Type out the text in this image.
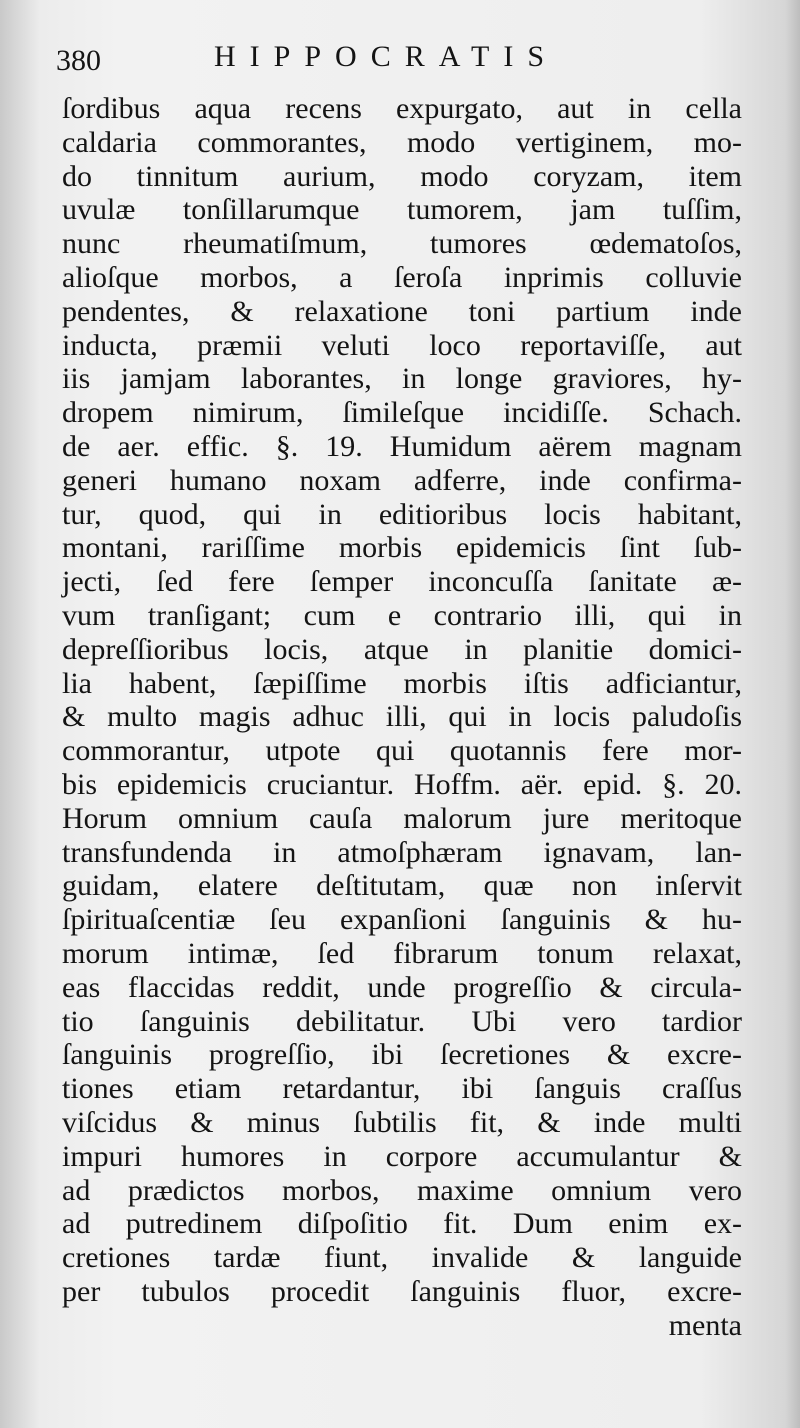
380	HIPPOCRATIS
ſordibus aqua recens expurgato, aut in cella
caldaria commorantes, modo vertiginem, mo-
do tinnitum aurium, modo coryzam, item
uvulæ tonſillarumque tumorem, jam tuſſim,
nunc rheumatiſmum, tumores œdematoſos,
alioſque morbos, a ſeroſa inprimis colluvie
pendentes, & relaxatione toni partium inde
inducta, præmii veluti loco reportaviſſe, aut
iis jamjam laborantes, in longe graviores, hy-
dropem nimirum, ſimileſque incidiſſe. Schach.
de aer. effic. §. 19. Humidum aërem magnam
generi humano noxam adferre, inde confirma-
tur, quod, qui in editioribus locis habitant,
montani, rariſſime morbis epidemicis ſint ſub-
jecti, ſed fere ſemper inconcuſſa ſanitate æ-
vum tranſigant; cum e contrario illi, qui in
depreſſioribus locis, atque in planitie domici-
lia habent, ſæpiſſime morbis iſtis adficiantur,
& multo magis adhuc illi, qui in locis paludoſis
commorantur, utpote qui quotannis fere mor-
bis epidemicis cruciantur. Hoffm. aër. epid. §. 20.
Horum omnium cauſa malorum jure meritoque
transfundenda in atmoſphæram ignavam, lan-
guidam, elatere deſtitutam, quæ non inſervit
ſpirituaſcentiæ ſeu expanſioni ſanguinis & hu-
morum intimæ, ſed fibrarum tonum relaxat,
eas flaccidas reddit, unde progreſſio & circula-
tio ſanguinis debilitatur. Ubi vero tardior
ſanguinis progreſſio, ibi ſecretiones & excre-
tiones etiam retardantur, ibi ſanguis craſſus
viſcidus & minus ſubtilis fit, & inde multi
impuri humores in corpore accumulantur &
ad prædictos morbos, maxime omnium vero
ad putredinem diſpoſitio fit. Dum enim ex-
cretiones tardæ fiunt, invalide & languide
per tubulos procedit ſanguinis fluor, excre-
menta
